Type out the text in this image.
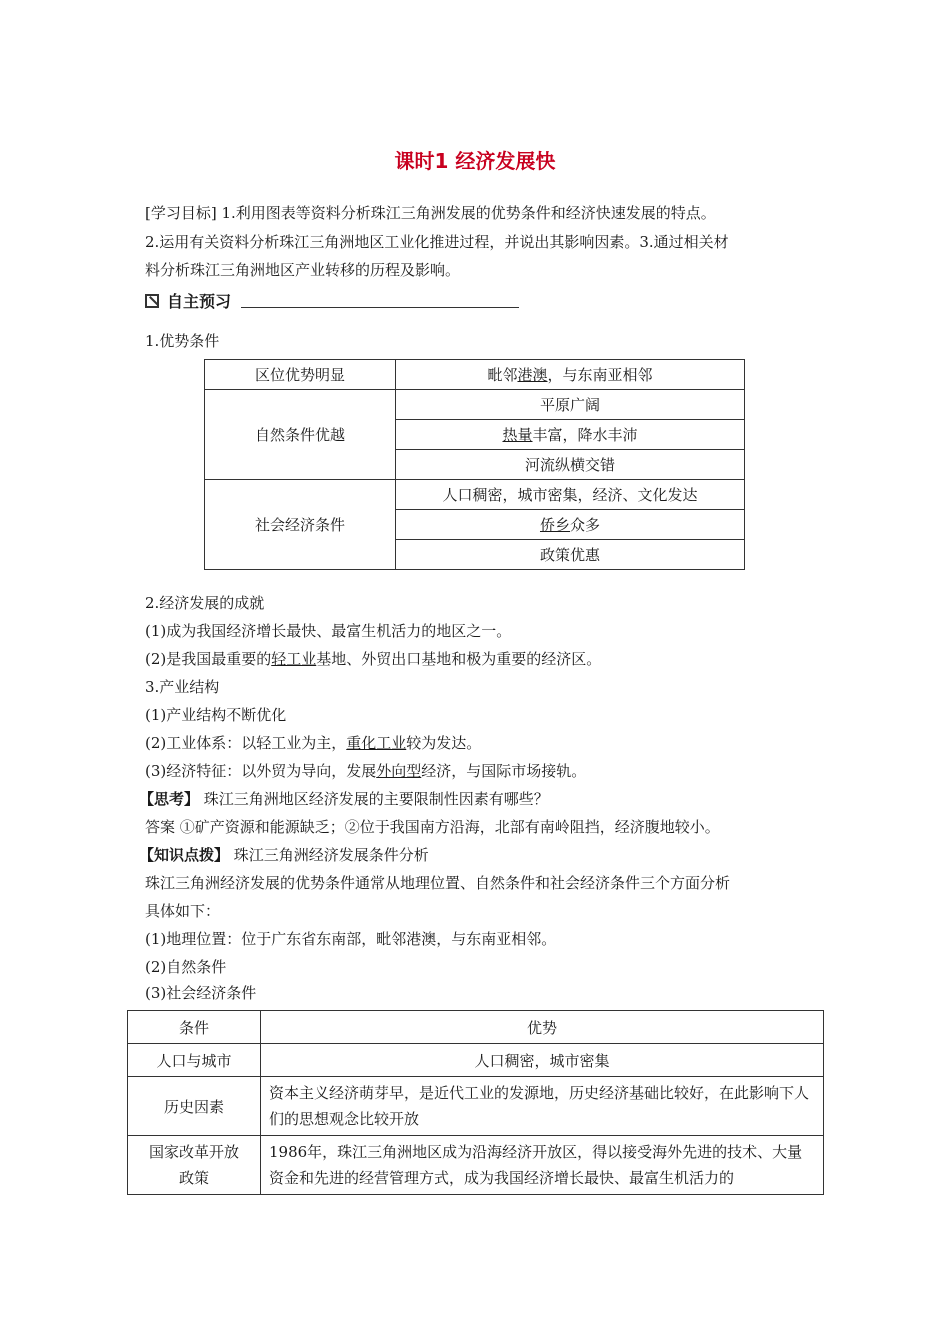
课时1 经济发展快
[学习目标] 1.利用图表等资料分析珠江三角洲发展的优势条件和经济快速发展的特点。
2.运用有关资料分析珠江三角洲地区工业化推进过程，并说出其影响因素。3.通过相关材
料分析珠江三角洲地区产业转移的历程及影响。
自主预习
1.优势条件
区位优势明显	毗邻港澳，与东南亚相邻
自然条件优越	平原广阔
	热量丰富，降水丰沛
	河流纵横交错
社会经济条件	人口稠密，城市密集，经济、文化发达
	侨乡众多
	政策优惠
2.经济发展的成就
(1)成为我国经济增长最快、最富生机活力的地区之一。
(2)是我国最重要的轻工业基地、外贸出口基地和极为重要的经济区。
3.产业结构
(1)产业结构不断优化
(2)工业体系：以轻工业为主，重化工业较为发达。
(3)经济特征：以外贸为导向，发展外向型经济，与国际市场接轨。
【思考】 珠江三角洲地区经济发展的主要限制性因素有哪些？
答案 ①矿产资源和能源缺乏；②位于我国南方沿海，北部有南岭阻挡，经济腹地较小。
【知识点拨】 珠江三角洲经济发展条件分析
珠江三角洲经济发展的优势条件通常从地理位置、自然条件和社会经济条件三个方面分析
具体如下：
(1)地理位置：位于广东省东南部，毗邻港澳，与东南亚相邻。
(2)自然条件
(3)社会经济条件
条件	优势
人口与城市	人口稠密，城市密集
历史因素	资本主义经济萌芽早，是近代工业的发源地，历史经济基础比较好，在此影响下人们的思想观念比较开放

国家改革开放
政策	1986年，珠江三角洲地区成为沿海经济开放区，得以接受海外先进的技术、大量资金和先进的经营管理方式，成为我国经济增长最快、最富生机活力的
